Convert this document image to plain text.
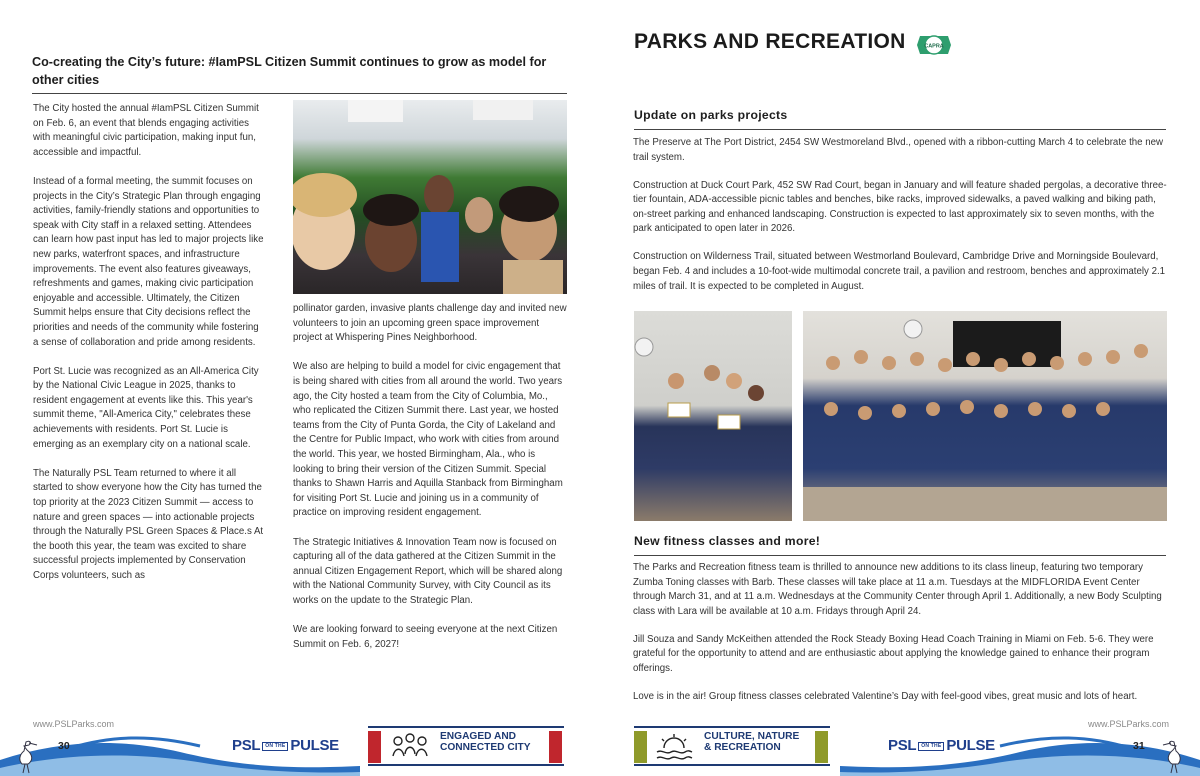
Co-creating the City’s future: #IamPSL Citizen Summit continues to grow as model for other cities

The City hosted the annual #IamPSL Citizen Summit on Feb. 6, an event that blends engaging activities with meaningful civic participation, making input fun, accessible and impactful.

Instead of a formal meeting, the summit focuses on projects in the City’s Strategic Plan through engaging activities, family-friendly stations and opportunities to speak with City staff in a relaxed setting. Attendees can learn how past input has led to major projects like new parks, waterfront spaces, and infrastructure improvements. The event also features giveaways, refreshments and games, making civic participation enjoyable and accessible. Ultimately, the Citizen Summit helps ensure that City decisions reflect the priorities and needs of the community while fostering a sense of collaboration and pride among residents.

Port St. Lucie was recognized as an All-America City by the National Civic League in 2025, thanks to resident engagement at events like this. This year's summit theme, "All-America City," celebrates these achievements with residents. Port St. Lucie is emerging as an exemplary city on a national scale.

The Naturally PSL Team returned to where it all started to show everyone how the City has turned the top priority at the 2023 Citizen Summit — access to nature and green spaces — into actionable projects through the Naturally PSL Green Spaces & Place.s At the booth this year, the team was excited to share successful projects implemented by Conservation Corps volunteers, such as

pollinator garden, invasive plants challenge day and invited new volunteers to join an upcoming green space improvement project at Whispering Pines Neighborhood.

We also are helping to build a model for civic engagement that is being shared with cities from all around the world. Two years ago, the City hosted a team from the City of Columbia, Mo., who replicated the Citizen Summit there. Last year, we hosted teams from the City of Punta Gorda, the City of Lakeland and the Centre for Public Impact, who work with cities from around the world. This year, we hosted Birmingham, Ala., who is looking to bring their version of the Citizen Summit. Special thanks to Shawn Harris and Aquilla Stanback from Birmingham for visiting Port St. Lucie and joining us in a community of practice on improving resident engagement.

The Strategic Initiatives & Innovation Team now is focused on capturing all of the data gathered at the Citizen Summit in the annual Citizen Engagement Report, which will be shared along with the National Community Survey, with City Council as its works on the update to the Strategic Plan.

We are looking forward to seeing everyone at the next Citizen Summit on Feb. 6, 2027!

www.PSLParks.com
30	PSL ON THE PULSE
ENGAGED AND CONNECTED CITY
PARKS AND RECREATION	CAPRA
Update on parks projects

The Preserve at The Port District, 2454 SW Westmoreland Blvd., opened with a ribbon-cutting March 4 to celebrate the new trail system.

Construction at Duck Court Park, 452 SW Rad Court, began in January and will feature shaded pergolas, a decorative three-tier fountain, ADA-accessible picnic tables and benches, bike racks, improved sidewalks, a paved walking and biking path, on-street parking and enhanced landscaping. Construction is expected to last approximately six to seven months, with the park anticipated to open later in 2026.

Construction on Wilderness Trail, situated between Westmorland Boulevard, Cambridge Drive and Morningside Boulevard, began Feb. 4 and includes a 10-foot-wide multimodal concrete trail, a pavilion and restroom, benches and approximately 2.1 miles of trail. It is expected to be completed in August.

New fitness classes and more!

The Parks and Recreation fitness team is thrilled to announce new additions to its class lineup, featuring two temporary Zumba Toning classes with Barb. These classes will take place at 11 a.m. Tuesdays at the MIDFLORIDA Event Center through March 31, and at 11 a.m. Wednesdays at the Community Center through April 1. Additionally, a new Body Sculpting class with Lara will be available at 10 a.m. Fridays through April 24.

Jill Souza and Sandy McKeithen attended the Rock Steady Boxing Head Coach Training in Miami on Feb. 5-6. They were grateful for the opportunity to attend and are enthusiastic about applying the knowledge gained to enhance their program offerings.

Love is in the air! Group fitness classes celebrated Valentine’s Day with feel-good vibes, great music and lots of heart.

www.PSLParks.com
CULTURE, NATURE & RECREATION	PSL ON THE PULSE	31
